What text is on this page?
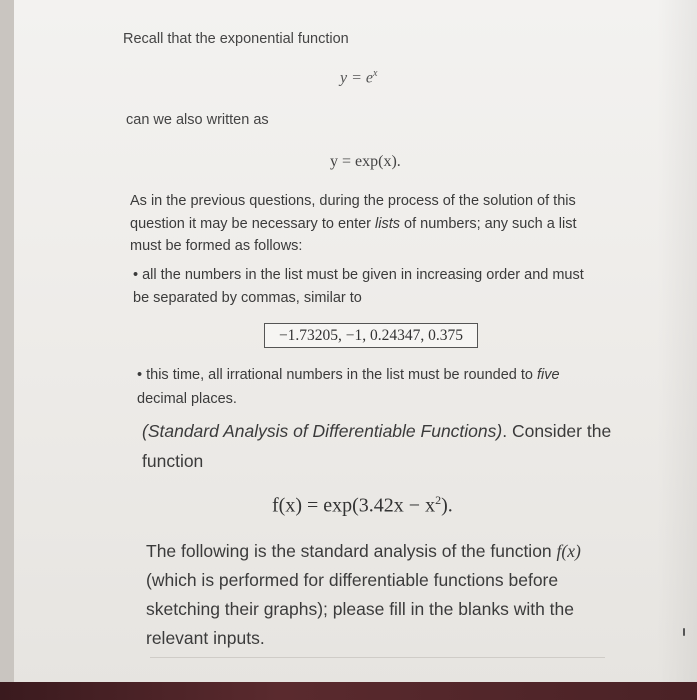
Recall that the exponential function
$y = e^x$
can we also written as
y = exp(x).
As in the previous questions, during the process of the solution of this question it may be necessary to enter lists of numbers; any such a list must be formed as follows:
• all the numbers in the list must be given in increasing order and must be separated by commas, similar to
−1.73205, −1, 0.24347, 0.375
• this time, all irrational numbers in the list must be rounded to five decimal places.
(Standard Analysis of Differentiable Functions). Consider the function
$f(x) = \exp(3.42x - x^2)$.
The following is the standard analysis of the function f(x) (which is performed for differentiable functions before sketching their graphs); please fill in the blanks with the relevant inputs.
